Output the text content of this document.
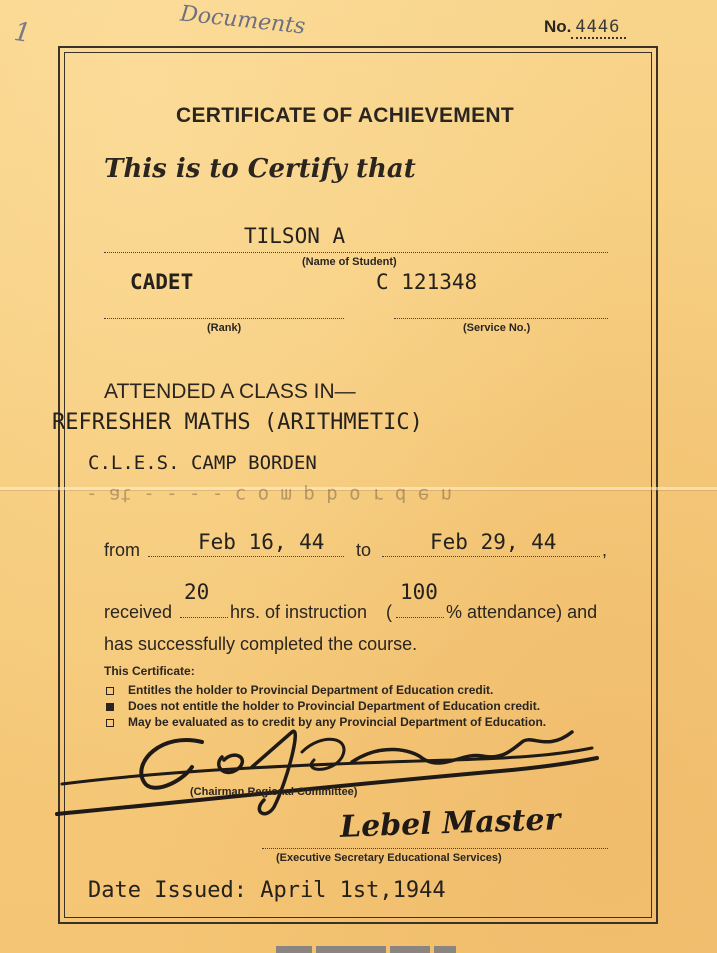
1	Documents	No. 4446
CERTIFICATE OF ACHIEVEMENT
This is to Certify that
TILSON A
(Name of Student)
CADET	C 121348
(Rank)	(Service No.)
ATTENDED A CLASS IN—
REFRESHER MATHS (ARITHMETIC)
C.L.E.S. CAMP BORDEN
- at - - - - c o m p b o r d e n
from	Feb 16, 44 to	Feb 29, 44	,
20	100
received	hrs. of instruction (	% attendance) and
has successfully completed the course.
This Certificate:
Entitles the holder to Provincial Department of Education credit.
Does not entitle the holder to Provincial Department of Education credit.
May be evaluated as to credit by any Provincial Department of Education.
(Chairman Regional Committee)
Lebel Master
(Executive Secretary Educational Services)
Date Issued: April 1st,1944
